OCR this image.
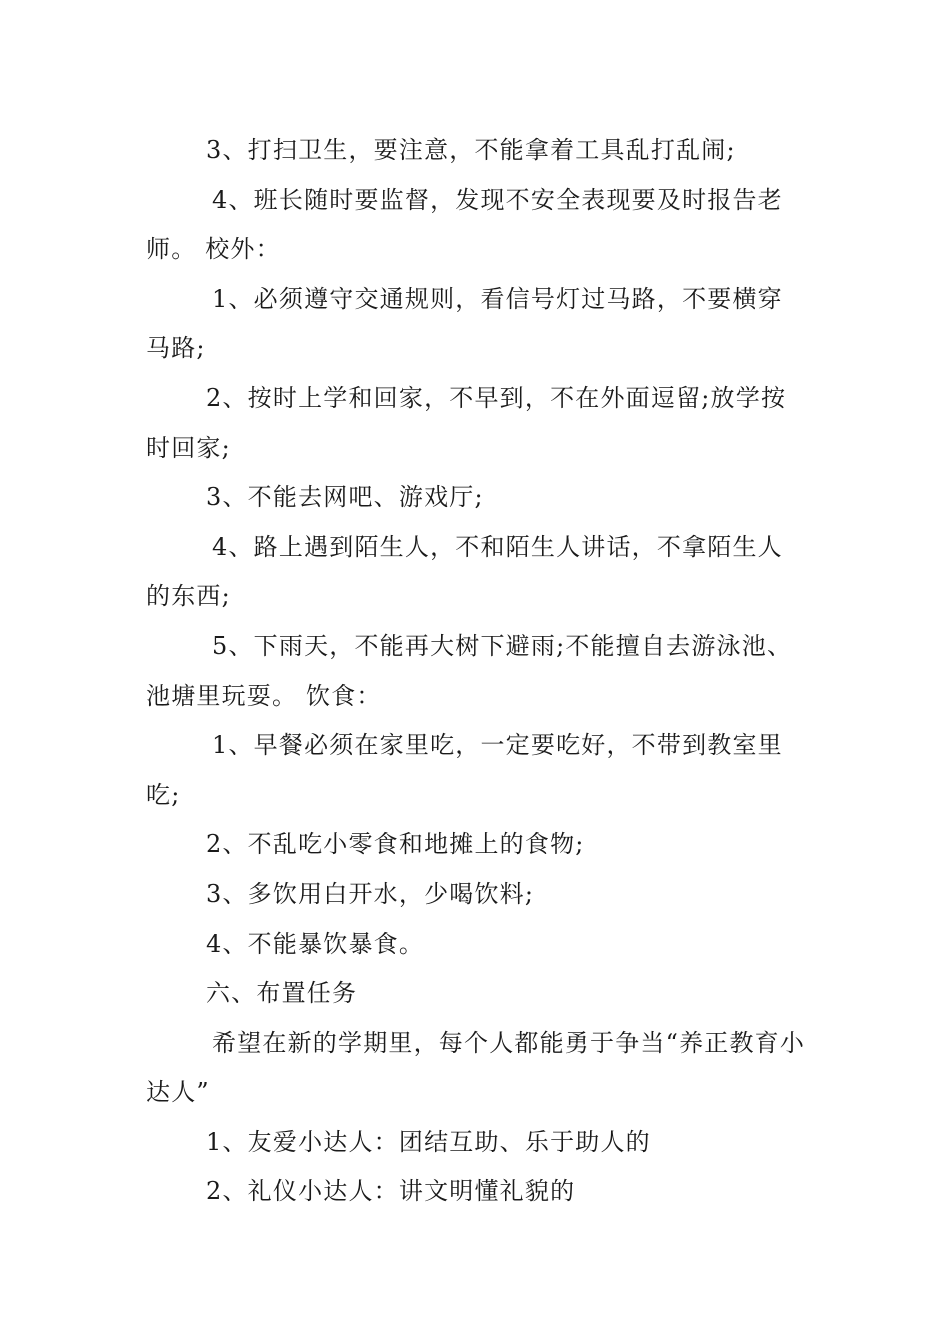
3、打扫卫生，要注意，不能拿着工具乱打乱闹;

4、班长随时要监督，发现不安全表现要及时报告老师。 校外：

1、必须遵守交通规则，看信号灯过马路，不要横穿马路;

2、按时上学和回家，不早到，不在外面逗留;放学按时回家;

3、不能去网吧、游戏厅;

4、路上遇到陌生人，不和陌生人讲话，不拿陌生人的东西;

5、下雨天，不能再大树下避雨;不能擅自去游泳池、池塘里玩耍。 饮食：

1、早餐必须在家里吃，一定要吃好，不带到教室里吃;

2、不乱吃小零食和地摊上的食物;

3、多饮用白开水，少喝饮料;

4、不能暴饮暴食。

六、布置任务

希望在新的学期里，每个人都能勇于争当“养正教育小达人”

1、友爱小达人：团结互助、乐于助人的

2、礼仪小达人：讲文明懂礼貌的
